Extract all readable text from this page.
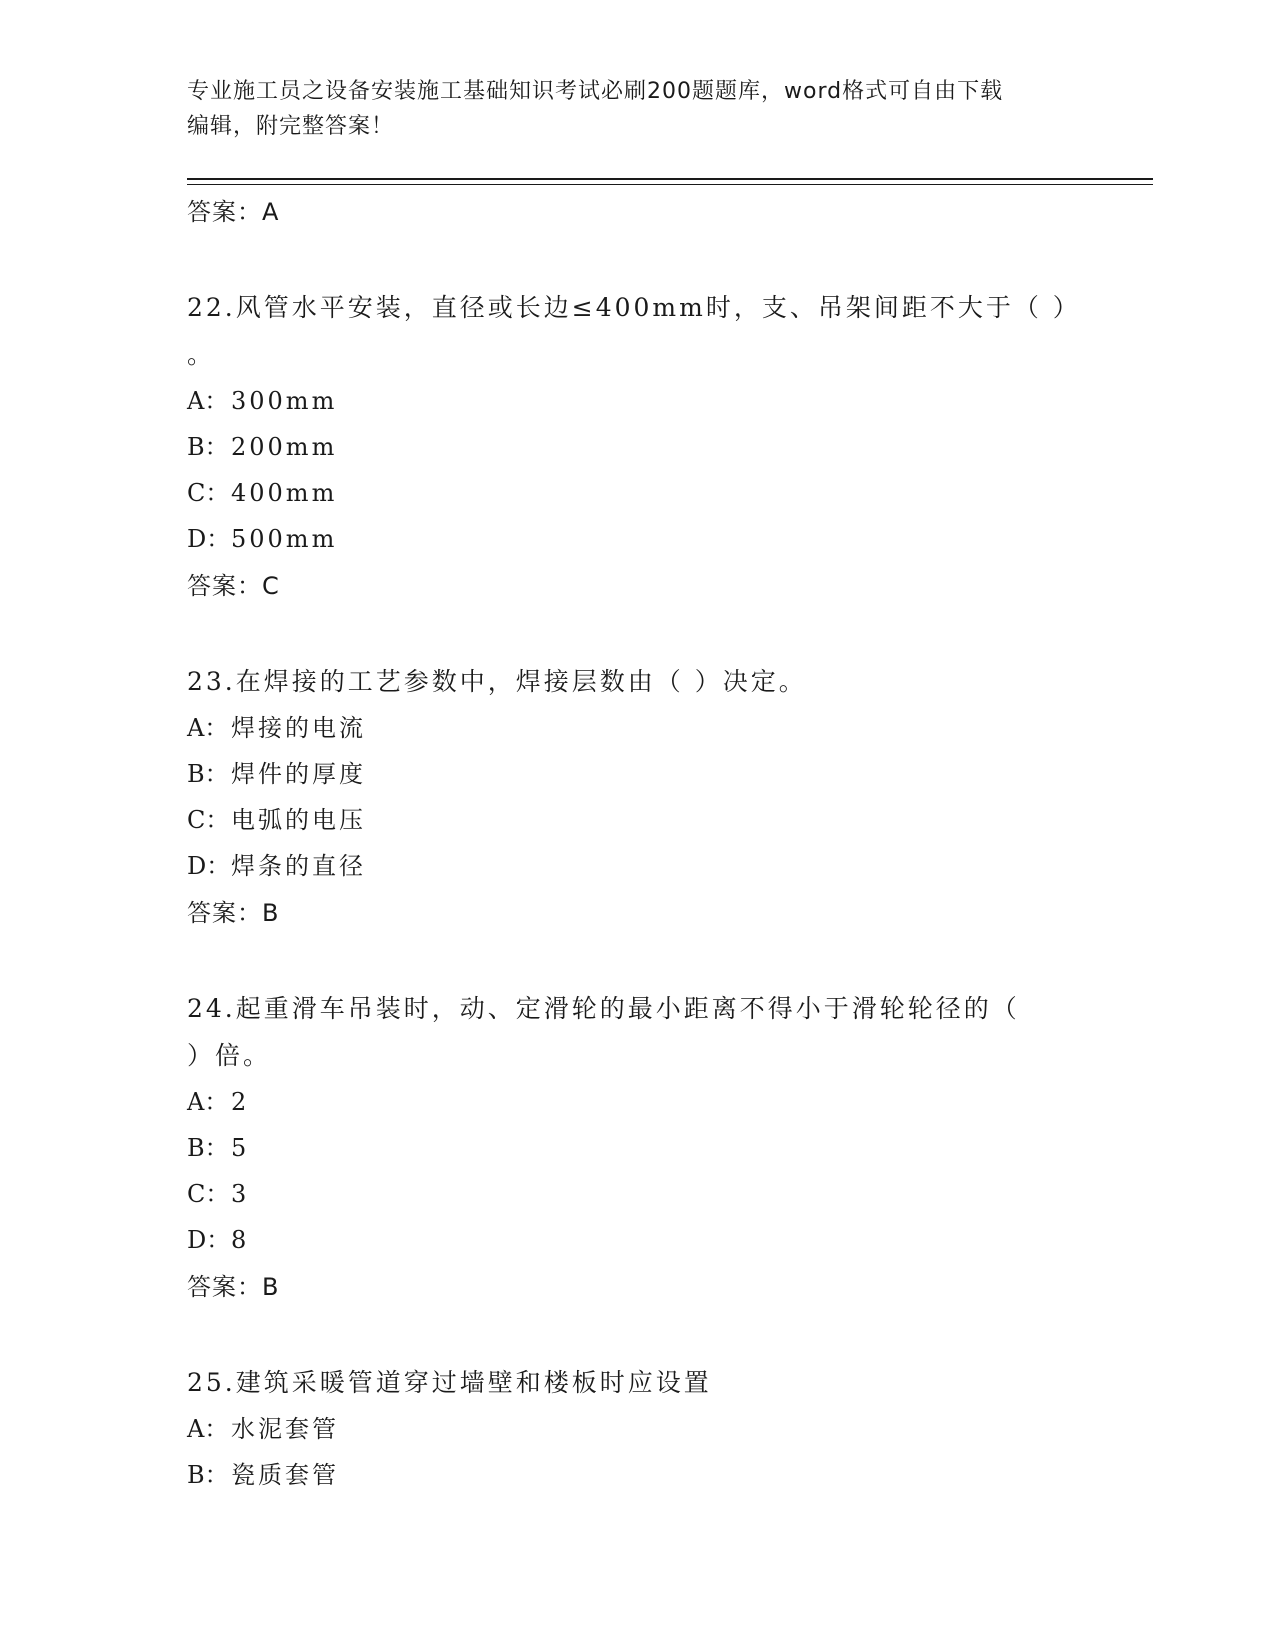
专业施工员之设备安装施工基础知识考试必刷200题题库，word格式可自由下载
编辑，附完整答案！
答案：A
22.风管水平安装，直径或长边≤400mm时，支、吊架间距不大于（ ）
。
A： 300mm
B：200mm
C：400mm
D：500mm
答案：C
23.在焊接的工艺参数中，焊接层数由（ ）决定。
A： 焊接的电流
B：焊件的厚度
C：电弧的电压
D：焊条的直径
答案：B
24.起重滑车吊装时，动、定滑轮的最小距离不得小于滑轮轮径的（
）倍。
A： 2
B：5
C：3
D：8
答案：B
25.建筑采暖管道穿过墙壁和楼板时应设置
A： 水泥套管
B：瓷质套管
